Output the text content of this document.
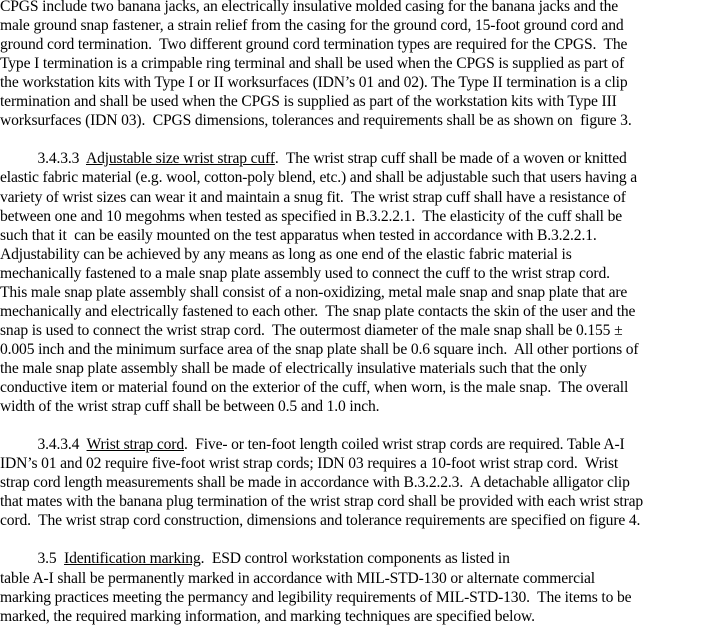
CPGS include two banana jacks, an electrically insulative molded casing for the banana jacks and the
male ground snap fastener, a strain relief from the casing for the ground cord, 15-foot ground cord and
ground cord termination.  Two different ground cord termination types are required for the CPGS.  The
Type I termination is a crimpable ring terminal and shall be used when the CPGS is supplied as part of
the workstation kits with Type I or II worksurfaces (IDN’s 01 and 02). The Type II termination is a clip
termination and shall be used when the CPGS is supplied as part of the workstation kits with Type III
worksurfaces (IDN 03).  CPGS dimensions, tolerances and requirements shall be as shown on  figure 3.
3.4.3.3  Adjustable size wrist strap cuff.  The wrist strap cuff shall be made of a woven or knitted
elastic fabric material (e.g. wool, cotton-poly blend, etc.) and shall be adjustable such that users having a
variety of wrist sizes can wear it and maintain a snug fit.  The wrist strap cuff shall have a resistance of
between one and 10 megohms when tested as specified in B.3.2.2.1.  The elasticity of the cuff shall be
such that it  can be easily mounted on the test apparatus when tested in accordance with B.3.2.2.1.
Adjustability can be achieved by any means as long as one end of the elastic fabric material is
mechanically fastened to a male snap plate assembly used to connect the cuff to the wrist strap cord.
This male snap plate assembly shall consist of a non-oxidizing, metal male snap and snap plate that are
mechanically and electrically fastened to each other.  The snap plate contacts the skin of the user and the
snap is used to connect the wrist strap cord.  The outermost diameter of the male snap shall be 0.155 ±
0.005 inch and the minimum surface area of the snap plate shall be 0.6 square inch.  All other portions of
the male snap plate assembly shall be made of electrically insulative materials such that the only
conductive item or material found on the exterior of the cuff, when worn, is the male snap.  The overall
width of the wrist strap cuff shall be between 0.5 and 1.0 inch.
3.4.3.4  Wrist strap cord.  Five- or ten-foot length coiled wrist strap cords are required. Table A-I
IDN’s 01 and 02 require five-foot wrist strap cords; IDN 03 requires a 10-foot wrist strap cord.  Wrist
strap cord length measurements shall be made in accordance with B.3.2.2.3.  A detachable alligator clip
that mates with the banana plug termination of the wrist strap cord shall be provided with each wrist strap
cord.  The wrist strap cord construction, dimensions and tolerance requirements are specified on figure 4.
3.5  Identification marking.  ESD control workstation components as listed in
table A-I shall be permanently marked in accordance with MIL-STD-130 or alternate commercial
marking practices meeting the permancy and legibility requirements of MIL-STD-130.  The items to be
marked, the required marking information, and marking techniques are specified below.
